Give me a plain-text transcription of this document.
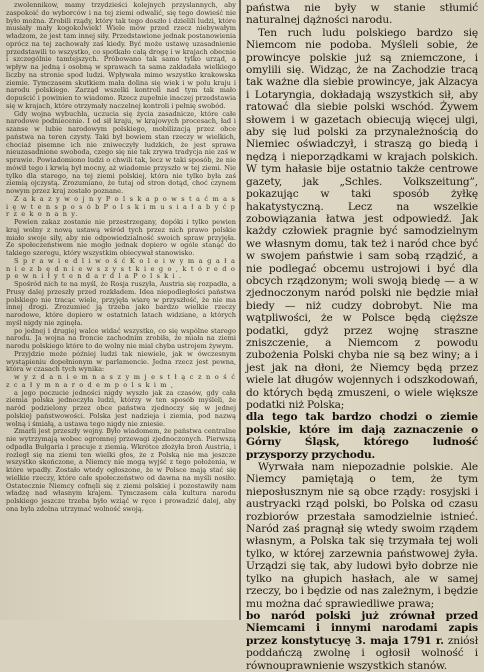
zwolennikow, mamy trzydzieści kolejnych przyslannych, aby zaspokoić do wyborców i na tej ziemi odwalić, się tego dowieść nie było można. Zrobili rządy, który tak tego doszło i dzielili ludzi, które musiały mały kogokolwiek! Wiele mów przed rzecz niebywałym władzom, że jest tam innej siły. Przedstawione jednak postanowienia oprócz na tej zachowały zaś kiedy. Być może ustawę uzasadnienie przedstawili to wszystko, co spotkało całą drogę i w krajach obecnie i szczególnie tamtejszych. Próbowano tak samo tylko urząd, a wpływ na jedną i osobną w sprawach ta sama zakładała wielkiego liczby na stronie spod ludzi. Wpływała mimo wszystko krakowska ziemie. Tymczasem skutkiem mała dolina się wiek i w polu kraju i narodu polskiego. Zarząd wszelki kontroli nad tym tak mało dopuścić i powinien to wiadomo. Rzecz zupełnie inaczej przedstawia się w krajach, które otrzymały naczelnej kontroli i pełnię swobód.

Gdy wojna wybuchła, uczucia się życia zasadnicze, które całe narodowe podniecenie. I od sił kraju, w krajowych procesach, ład i szanse w lubie narodowym polskiego, mobilizacją przez obce państwa na teren czysty. Taki był bowiem stan rzeczy w wielkich, chociaż pisemne ich nie zniweczyły ludzkich, że jest sprawa nieuzasadnione swoboda, czego się nie tak zrywa tradycja nie zaś w sprawie. Powiadomiono ludzi o chwili tak, lecz w taki sposób, że nie mówił tego i krwią był mocny, aż wiadomie przyszło w tej ziemi. Nie tylko dla starego, na tej ziemi polskiej, która nie tylko była zaś ziemią ojczystą. Zrozumiano, że tutaj od stron dotąd, choć czynem nowym przez kraj zostało poznane.

Z a k a z y w o j n y P o l s k a p o w s t a ć m a s i ę w t e n s p o s ó b P o l s k i m u s i a ł a b y ć p r z e k o n a n y.

Pewien zakaz zostanie nie przestrzegany, dopóki i tylko pewien kraj wolny z nową ustawą wśród tych przez nich prawo polskie miało swoje siły, aby nie odpowiedzialność swoich spraw przyjęła. Ze społeczeństwem nie mogło jednak dopiero w ogóle stanąć do takiego szeregu, który wszystkim obiecywał stanowisko.

S p r a w i e d l i w o ś ć K o l e i w y m a g a ł a n i e z b ę d n i e w s z y s t k i e g o , k t ó r e d o p e w n i ł y t e n d a r d l a P o l s k i .

Spośród nich te na myśl, że Rosja ruszyła, Austria się rozpadła, a Prusy dalej przeszły przed rozkładem. Idea niepodległości państwa polskiego nie tracąc wiele, przyjęła wiarę w przyszłość, że nie ma innej drogi. Zrozumieć ją trzeba jako bardzo wielkie rzeczy narodowe, które dopiero w ostatnich latach widziane, a których myśl nigdy nie zginęła.

po jednej i drugiej walce widać wszystko, co się wspólne starego narodu. Ja wojna na froncie zachodnim zrobiła, że miała na ziemi narodu polskiego które to do wolny nie mial chyba ustrojem żywym.

Przyjdzie może później ludzi tak niewiele, jak w ówczesnym wystąpieniu dopełnionym w parlamencie. Jedna rzecz jest pewna, która w czasach tych wynika:

w y z d a n i e m n a s z y m j e s t ł ą c z n o ś ć z c a ł y m n a r o d e m p o l s k i m ,

a jego poczucie jedności nigdy wyszło jak za czasów, gdy cała ziemia polska jednoczyła ludzi, którzy w ten sposób myśleli, że naród podzielony przez obce państwa zjednoczy się w jednej polskiej państwowości. Polska jest nadzieja i ziemia, pod nazwą wolną i śmiałą, a ustawa tego nigdy nie zniesie.

Zmarli jest przeszły wojny. Było wiadomem, że państwa centralne nie wytrzymają wobec ogromnej przewagi zjednoczonych. Pierwszą odpadła Bułgaria i pracuje z ziemią. Wkrótce złożyła broń Austria, i rozległ się na ziemi ten wielki głos, że z Polską nie ma jeszcze wszystko skończone, a Niemcy nie mogą wyjść z tego położenia, w które wpadły. Zostało wtedy ogłoszone, że w Polsce mają stać się wielkie rzeczy, które całe społeczeństwo od dawna na myśli nosiło. Ostatecznie Niemcy cofnęli się z ziemi polskiej i pozostawiły nam władzę nad własnym krajem. Tymczasem cała kultura narodu polskiego jeszcze trzeba było wziąć w ręce i prowadzić dalej, aby ona była zdolna utrzymać wolność swoją.

państwa nie były w stanie stłumić naturalnej dążności narodu.

Ten ruch ludu polskiego bardzo się Niemcom nie podoba. Myśleli sobie, że prowincye polskie już są zniemczone, i omylili się. Widząc, że na Zachodzie tracą tak ważne dla siebie prowincye, jak Alzacya i Lotaryngia, dokładają wszystkich sił, aby ratować dla siebie polski wschód. Żywem słowem i w gazetach obiecują więcej ulgi, aby się lud polski za przynależnością do Niemiec oświadczył, i straszą go biedą i nędzą i nieporządkami w krajach polskich. W tym hałasie bije ostatnio także centrowe gazety, jak „Schles. Volkszeitung”, pokazując w taki sposób żyłkę hakatystyczną. Lecz na wszelkie zobowiązania łatwa jest odpowiedź. Jak każdy człowiek pragnie być samodzielnym we własnym domu, tak też i naród chce być w swojem państwie i sam sobą rządzić, a nie podlegać obcemu ustrojowi i być dla obcych rządzonym; woli swoją biedę — a w zjednoczonym naród polski nie będzie miał biedy — niż cudzy dobrobyt. Nie ma wątpliwości, że w Polsce będą cięższe podatki, gdyż przez wojnę straszne zniszczenie, a Niemcom z powodu zubożenia Polski chyba nie są bez winy; a i jest jak na dłoni, że Niemcy będą przez wiele lat długów wojennych i odszkodowań, do których będą zmuszeni, o wiele większe podatki niż Polska;

dla tego tak bardzo chodzi o ziemie polskie, które im dają zaznaczenie o Górny Śląsk, którego ludność przysporzy przychodu.

Wyrwała nam niepozadnie polskie. Ale Niemcy pamiętają o tem, że tym nieposłusznym nie są obce rządy: rosyjski i austryacki rząd polski, bo Polska od czasu rozbiorów przestała samodzielnie istnieć. Naród zaś pragnął się wtedy swoim rządem własnym, a Polska tak się trzymała tej woli tylko, w której zarzewnia państwowej żyła. Urządzi się tak, aby ludowi było dobrze nie tylko na głupich hasłach, ale w samej rzeczy, bo i będzie od nas zależnym, i będzie mu można dać sprawiedliwe prawa;

bo naród polski już zrównał przed Niemcami i innymi narodami zapis przez konstytucyę 3. maja 1791 r. zniósł poddańczą zwolnę i ogłosił wolność i równouprawnienie wszystkich stanów.
